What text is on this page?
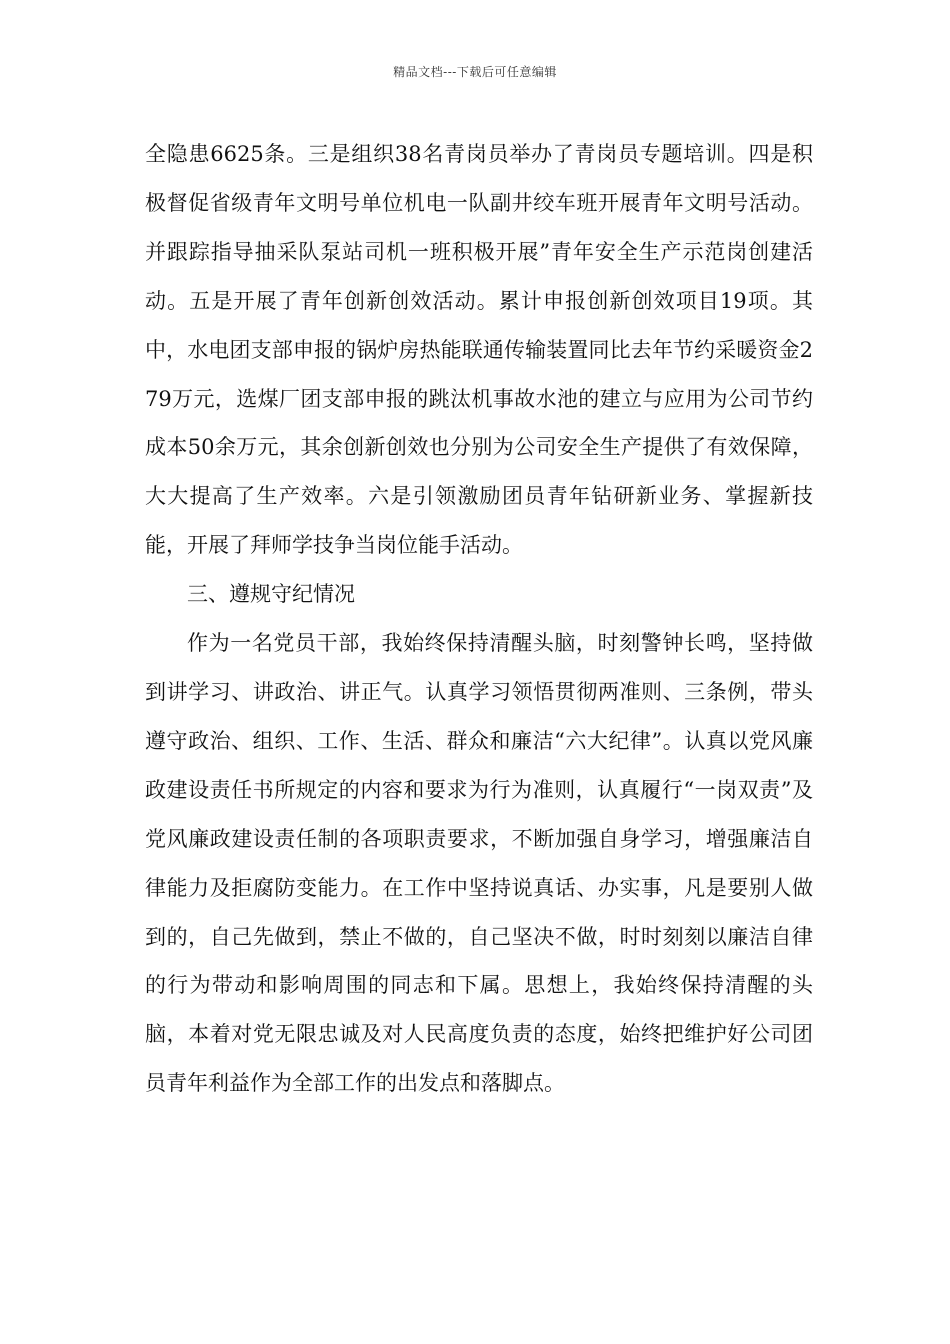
精品文档---下载后可任意编辑

全隐患6625条。三是组织38名青岗员举办了青岗员专题培训。四是积极督促省级青年文明号单位机电一队副井绞车班开展青年文明号活动。并跟踪指导抽采队泵站司机一班积极开展”青年安全生产示范岗创建活动。五是开展了青年创新创效活动。累计申报创新创效项目19项。其中，水电团支部申报的锅炉房热能联通传输装置同比去年节约采暖资金279万元，选煤厂团支部申报的跳汰机事故水池的建立与应用为公司节约成本50余万元，其余创新创效也分别为公司安全生产提供了有效保障，大大提高了生产效率。六是引领激励团员青年钻研新业务、掌握新技能，开展了拜师学技争当岗位能手活动。

三、遵规守纪情况

作为一名党员干部，我始终保持清醒头脑，时刻警钟长鸣，坚持做到讲学习、讲政治、讲正气。认真学习领悟贯彻两准则、三条例，带头遵守政治、组织、工作、生活、群众和廉洁“六大纪律”。认真以党风廉政建设责任书所规定的内容和要求为行为准则，认真履行“一岗双责”及党风廉政建设责任制的各项职责要求，不断加强自身学习，增强廉洁自律能力及拒腐防变能力。在工作中坚持说真话、办实事，凡是要别人做到的，自己先做到，禁止不做的，自己坚决不做，时时刻刻以廉洁自律的行为带动和影响周围的同志和下属。思想上，我始终保持清醒的头脑，本着对党无限忠诚及对人民高度负责的态度，始终把维护好公司团员青年利益作为全部工作的出发点和落脚点。
